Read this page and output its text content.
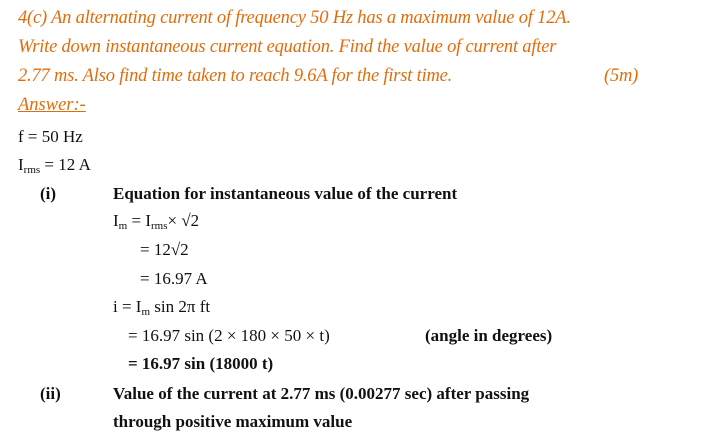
4(c) An alternating current of frequency 50 Hz has a maximum value of 12A.
Write down instantaneous current equation. Find the value of current after
2.77 ms. Also find time taken to reach 9.6A for the first time.	(5m)
Answer:-
f = 50 Hz
$I_{rms} = 12$ A
(i)	Equation for instantaneous value of the current
$I_m = I_{rms}\times √2$
= 12√2
= 16.97 A
$i = I_m$ sin 2π ft
= 16.97 sin (2 × 180 × 50 × t)	(angle in degrees)
= 16.97 sin (18000 t)
(ii)	Value of the current at 2.77 ms (0.00277 sec) after passing
through positive maximum value
